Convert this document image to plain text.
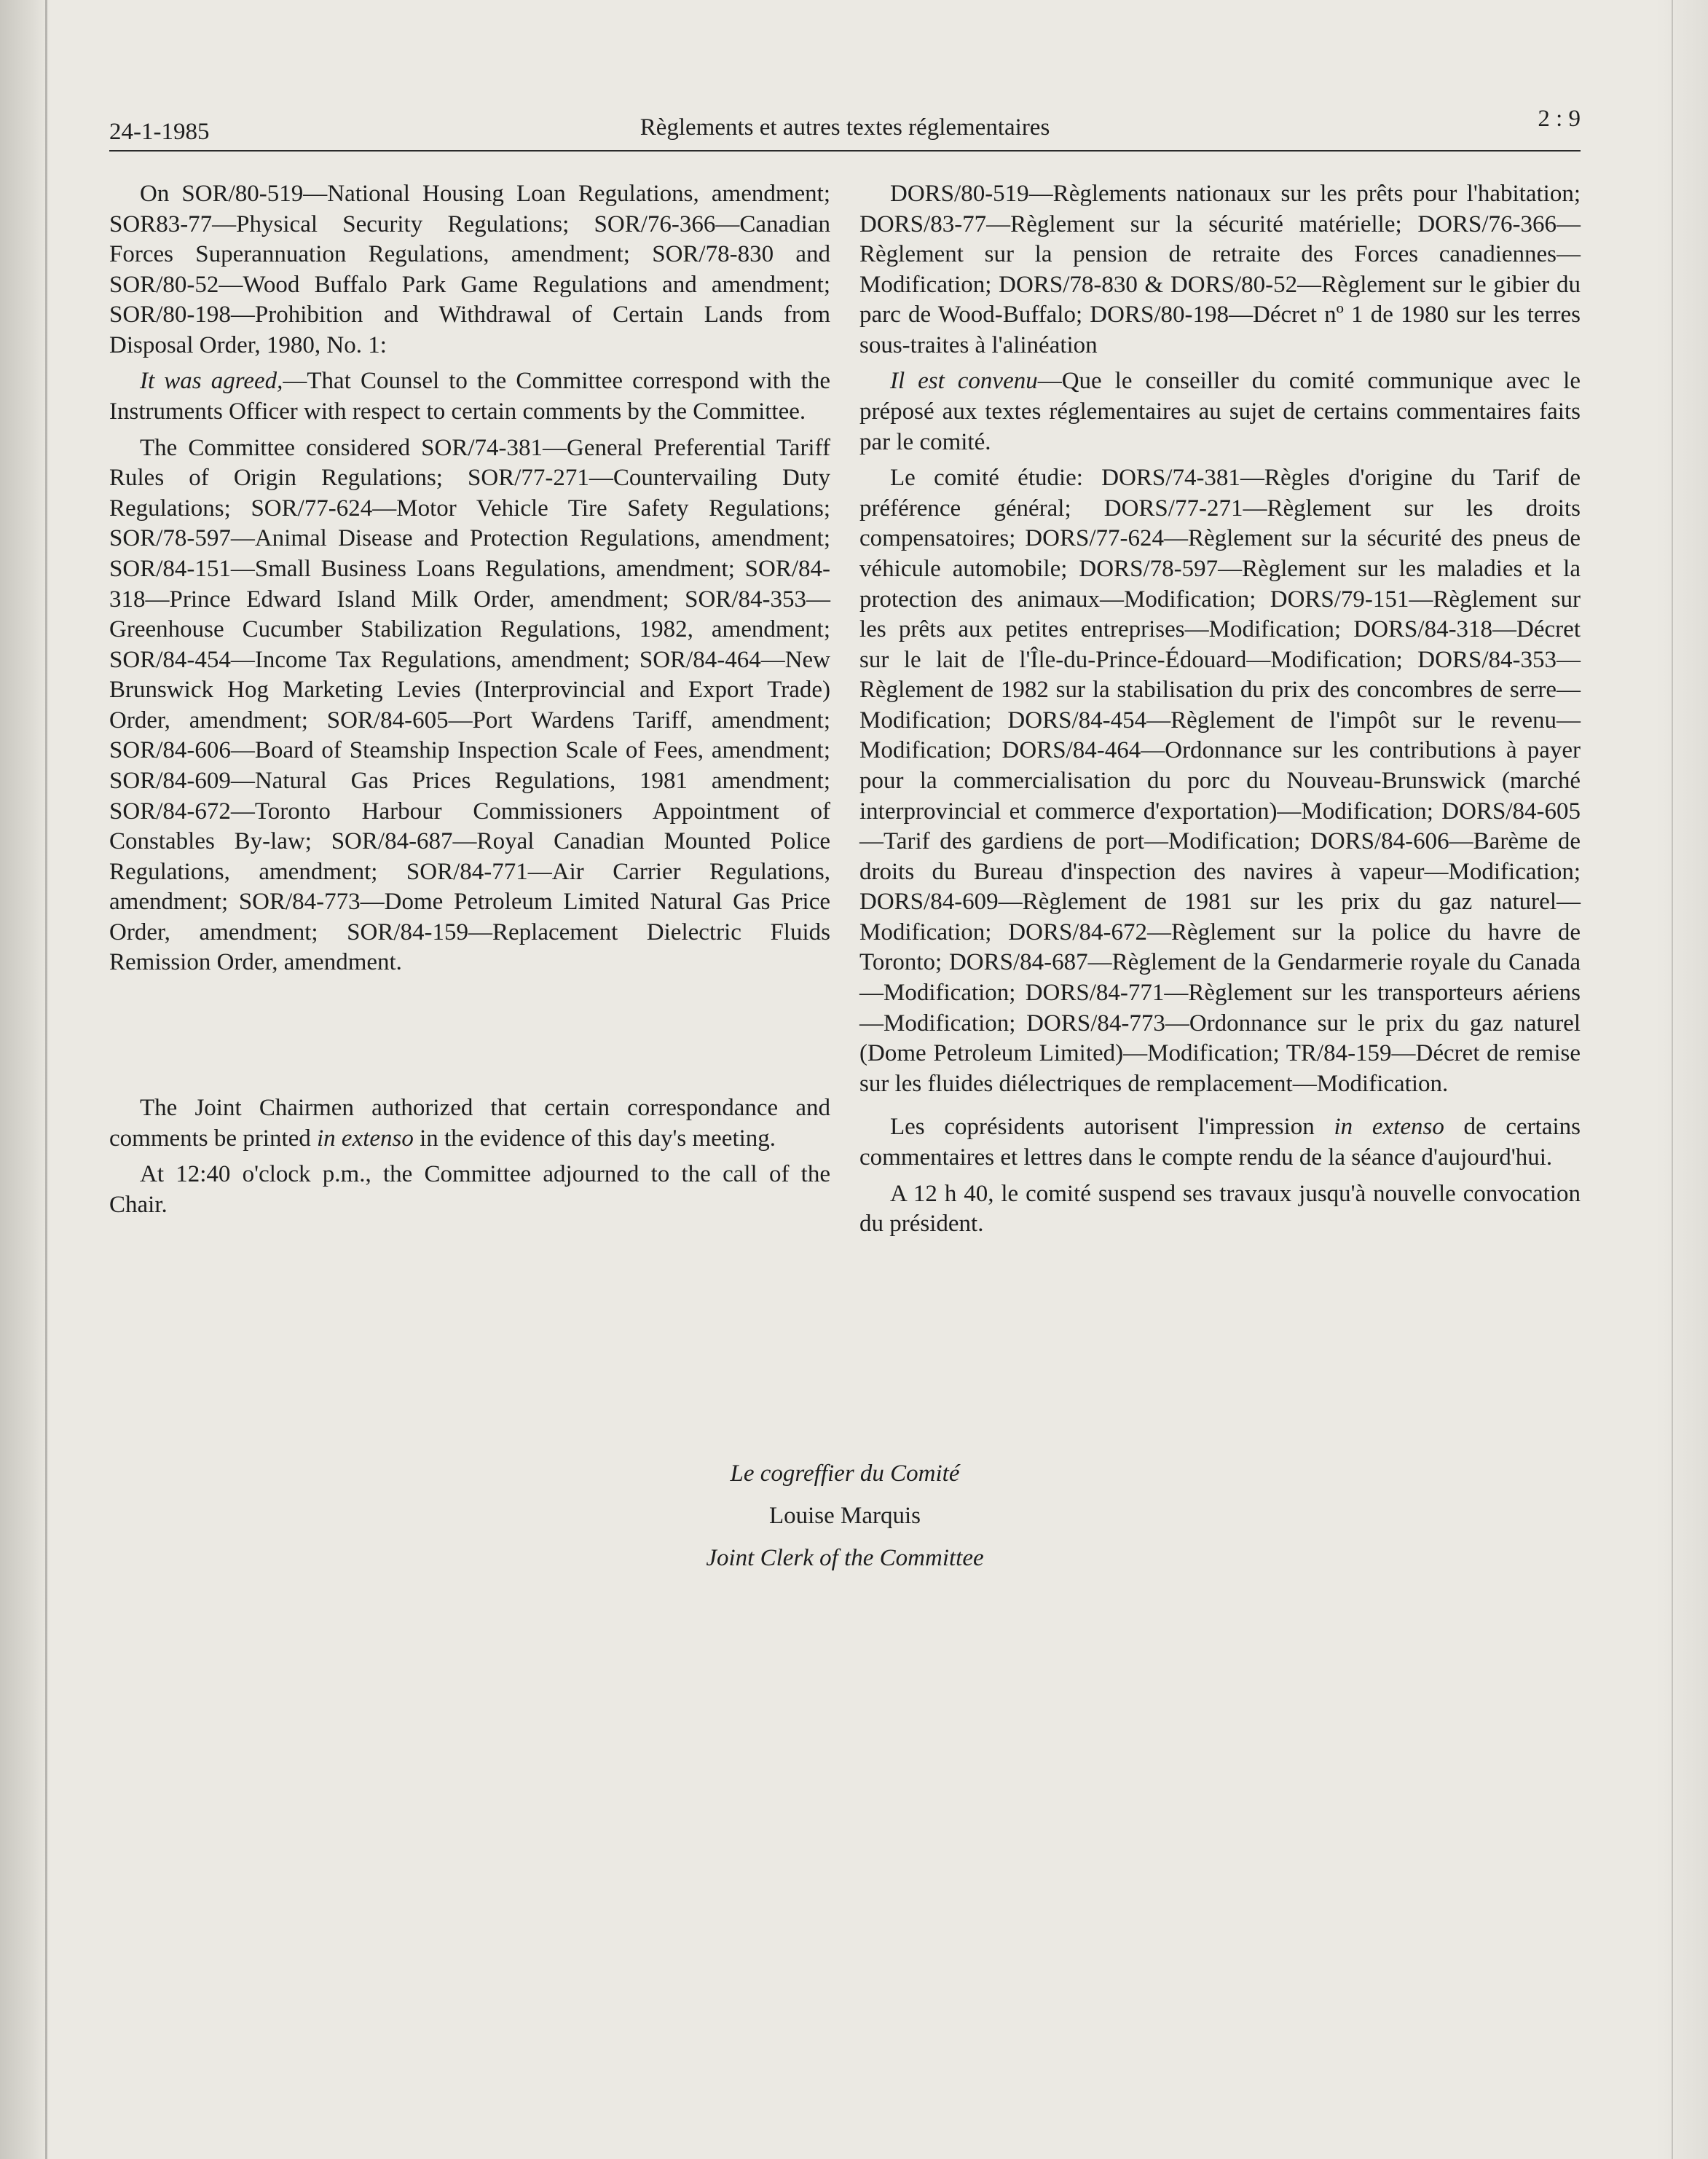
24-1-1985	Règlements et autres textes réglementaires	2 : 9

On SOR/80-519—National Housing Loan Regulations, amendment; SOR83-77—Physical Security Regulations; SOR/76-366—Canadian Forces Superannuation Regulations, amendment; SOR/78-830 and SOR/80-52—Wood Buffalo Park Game Regulations and amendment; SOR/80-198—Prohibition and Withdrawal of Certain Lands from Disposal Order, 1980, No. 1:

It was agreed,—That Counsel to the Committee correspond with the Instruments Officer with respect to certain comments by the Committee.

The Committee considered SOR/74-381—General Preferential Tariff Rules of Origin Regulations; SOR/77-271—Countervailing Duty Regulations; SOR/77-624—Motor Vehicle Tire Safety Regulations; SOR/78-597—Animal Disease and Protection Regulations, amendment; SOR/84-151—Small Business Loans Regulations, amendment; SOR/84-318—Prince Edward Island Milk Order, amendment; SOR/84-353—Greenhouse Cucumber Stabilization Regulations, 1982, amendment; SOR/84-454—Income Tax Regulations, amendment; SOR/84-464—New Brunswick Hog Marketing Levies (Interprovincial and Export Trade) Order, amendment; SOR/84-605—Port Wardens Tariff, amendment; SOR/84-606—Board of Steamship Inspection Scale of Fees, amendment; SOR/84-609—Natural Gas Prices Regulations, 1981 amendment; SOR/84-672—Toronto Harbour Commissioners Appointment of Constables By-law; SOR/84-687—Royal Canadian Mounted Police Regulations, amendment; SOR/84-771—Air Carrier Regulations, amendment; SOR/84-773—Dome Petroleum Limited Natural Gas Price Order, amendment; SOR/84-159—Replacement Dielectric Fluids Remission Order, amendment.

The Joint Chairmen authorized that certain correspondance and comments be printed in extenso in the evidence of this day's meeting.

At 12:40 o'clock p.m., the Committee adjourned to the call of the Chair.

DORS/80-519—Règlements nationaux sur les prêts pour l'habitation; DORS/83-77—Règlement sur la sécurité matérielle; DORS/76-366—Règlement sur la pension de retraite des Forces canadiennes—Modification; DORS/78-830 & DORS/80-52—Règlement sur le gibier du parc de Wood-Buffalo; DORS/80-198—Décret nº 1 de 1980 sur les terres sous-traites à l'alinéation

Il est convenu—Que le conseiller du comité communique avec le préposé aux textes réglementaires au sujet de certains commentaires faits par le comité.

Le comité étudie: DORS/74-381—Règles d'origine du Tarif de préférence général; DORS/77-271—Règlement sur les droits compensatoires; DORS/77-624—Règlement sur la sécurité des pneus de véhicule automobile; DORS/78-597—Règlement sur les maladies et la protection des animaux—Modification; DORS/79-151—Règlement sur les prêts aux petites entreprises—Modification; DORS/84-318—Décret sur le lait de l'Île-du-Prince-Édouard—Modification; DORS/84-353—Règlement de 1982 sur la stabilisation du prix des concombres de serre—Modification; DORS/84-454—Règlement de l'impôt sur le revenu—Modification; DORS/84-464—Ordonnance sur les contributions à payer pour la commercialisation du porc du Nouveau-Brunswick (marché interprovincial et commerce d'exportation)—Modification; DORS/84-605—Tarif des gardiens de port—Modification; DORS/84-606—Barème de droits du Bureau d'inspection des navires à vapeur—Modification; DORS/84-609—Règlement de 1981 sur les prix du gaz naturel—Modification; DORS/84-672—Règlement sur la police du havre de Toronto; DORS/84-687—Règlement de la Gendarmerie royale du Canada—Modification; DORS/84-771—Règlement sur les transporteurs aériens—Modification; DORS/84-773—Ordonnance sur le prix du gaz naturel (Dome Petroleum Limited)—Modification; TR/84-159—Décret de remise sur les fluides diélectriques de remplacement—Modification.

Les coprésidents autorisent l'impression in extenso de certains commentaires et lettres dans le compte rendu de la séance d'aujourd'hui.

A 12 h 40, le comité suspend ses travaux jusqu'à nouvelle convocation du président.

Le cogreffier du Comité
Louise Marquis
Joint Clerk of the Committee
